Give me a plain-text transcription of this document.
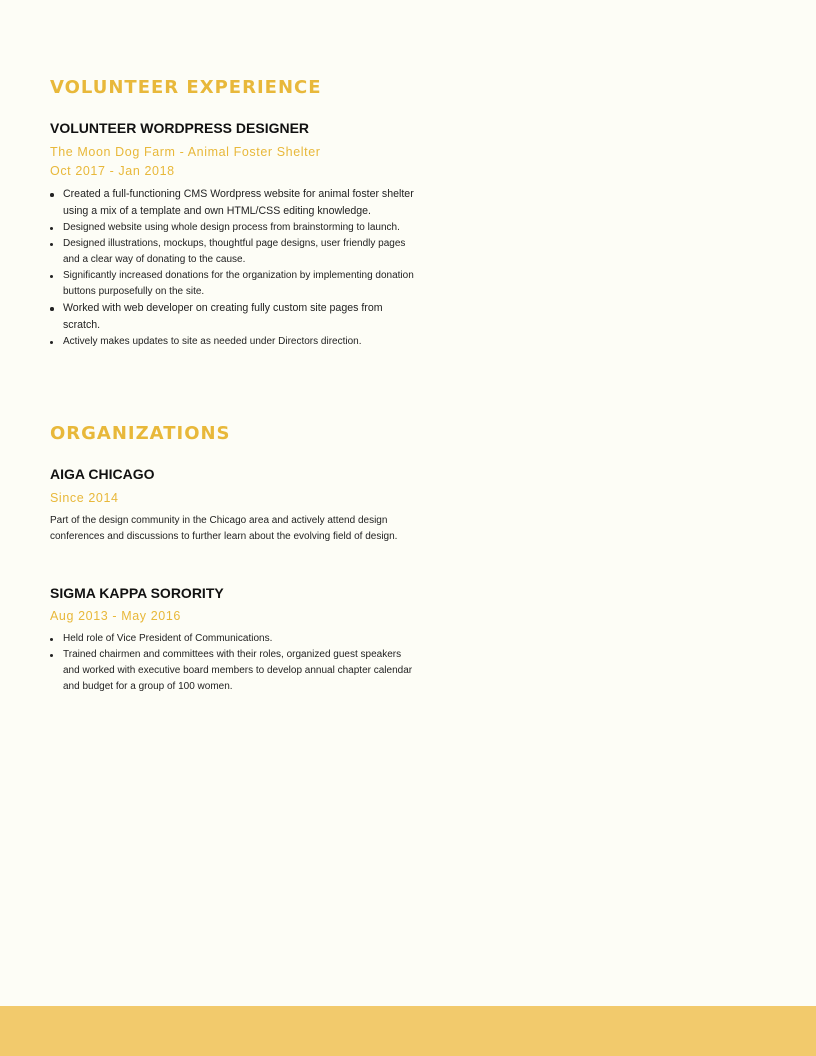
VOLUNTEER EXPERIENCE
VOLUNTEER WORDPRESS DESIGNER

The Moon Dog Farm - Animal Foster Shelter

Oct 2017 - Jan 2018

Created a full-functioning CMS Wordpress website for animal foster shelter using a mix of a template and own HTML/CSS editing knowledge.
Designed website using whole design process from brainstorming to launch.
Designed illustrations, mockups, thoughtful page designs, user friendly pages and a clear way of donating to the cause.
Significantly increased donations for the organization by implementing donation buttons purposefully on the site.
Worked with web developer on creating fully custom site pages from scratch.
Actively makes updates to site as needed under Directors direction.
ORGANIZATIONS
AIGA CHICAGO

Since 2014

Part of the design community in the Chicago area and actively attend design conferences and discussions to further learn about the evolving field of design.

SIGMA KAPPA SORORITY

Aug 2013 - May 2016

Held role of Vice President of Communications.
Trained chairmen and committees with their roles, organized guest speakers and worked with executive board members to develop annual chapter calendar and budget for a group of 100 women.
